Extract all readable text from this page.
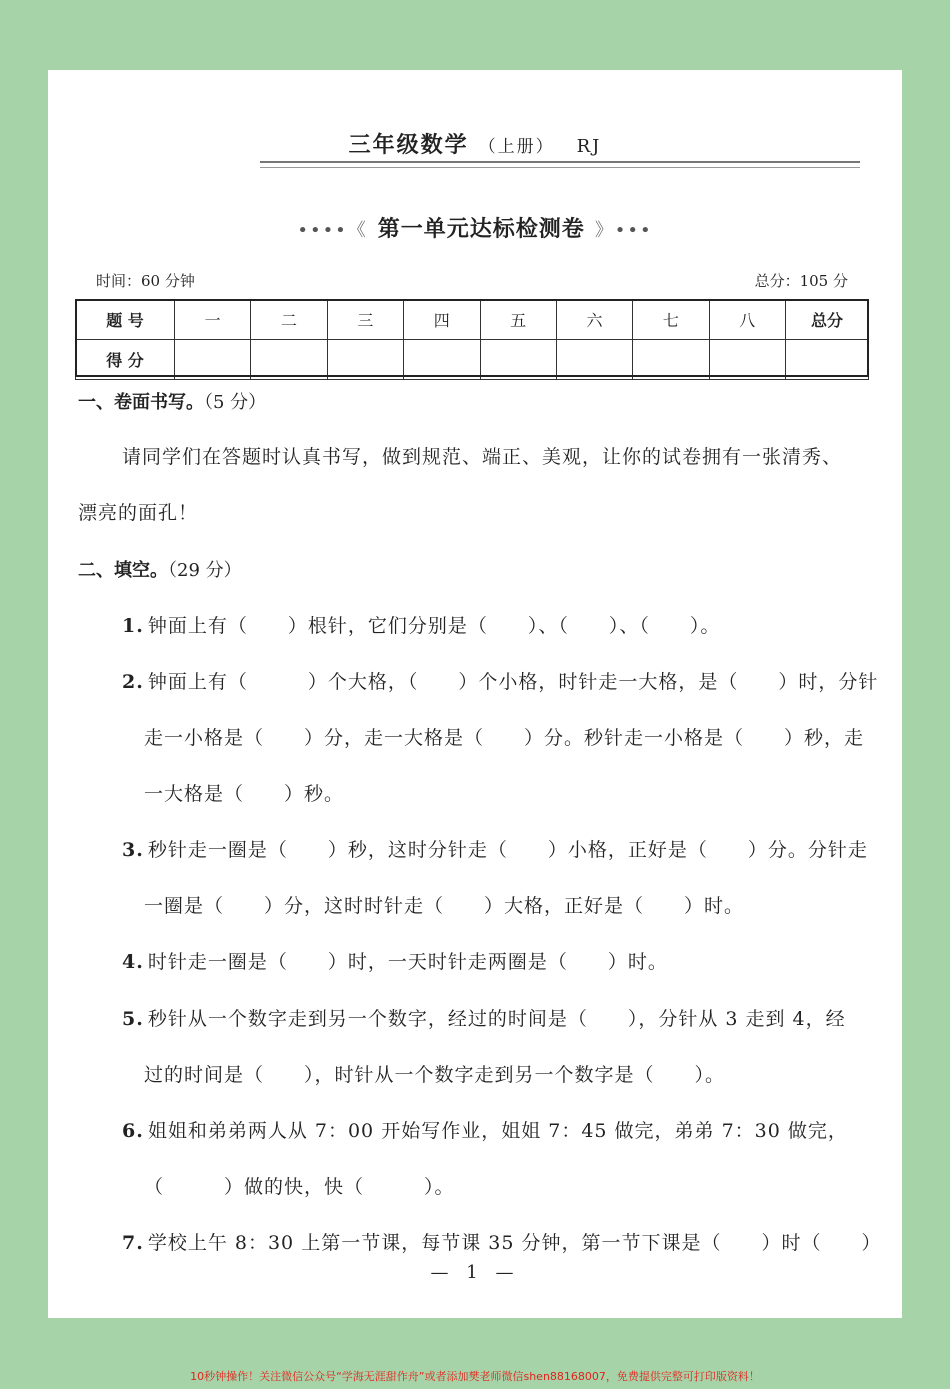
三年级数学 （上册） RJ
••••《 第一单元达标检测卷 》•••
时间：60 分钟	总分：105 分
题 号	一	二	三	四	五	六	七	八	总分
得 分									
一、卷面书写。（5 分）
请同学们在答题时认真书写，做到规范、端正、美观，让你的试卷拥有一张清秀、
漂亮的面孔！
二、填空。（29 分）
1. 钟面上有（　　）根针，它们分别是（　　）、（　　）、（　　）。
2. 钟面上有（　　　）个大格，（　　）个小格，时针走一大格，是（　　）时，分针
走一小格是（　　）分，走一大格是（　　）分。秒针走一小格是（　　）秒，走
一大格是（　　）秒。
3. 秒针走一圈是（　　）秒，这时分针走（　　）小格，正好是（　　）分。分针走
一圈是（　　）分，这时时针走（　　）大格，正好是（　　）时。
4. 时针走一圈是（　　）时，一天时针走两圈是（　　）时。
5. 秒针从一个数字走到另一个数字，经过的时间是（　　），分针从 3 走到 4，经
过的时间是（　　），时针从一个数字走到另一个数字是（　　）。
6. 姐姐和弟弟两人从 7：00 开始写作业，姐姐 7：45 做完，弟弟 7：30 做完，
（　　　）做的快，快（　　　）。
7. 学校上午 8：30 上第一节课，每节课 35 分钟，第一节下课是（　　）时（　　）
— 1 —
10秒钟操作！关注微信公众号“学海无涯甜作舟”或者添加樊老师微信shen88168007，免费提供完整可打印版资料！
